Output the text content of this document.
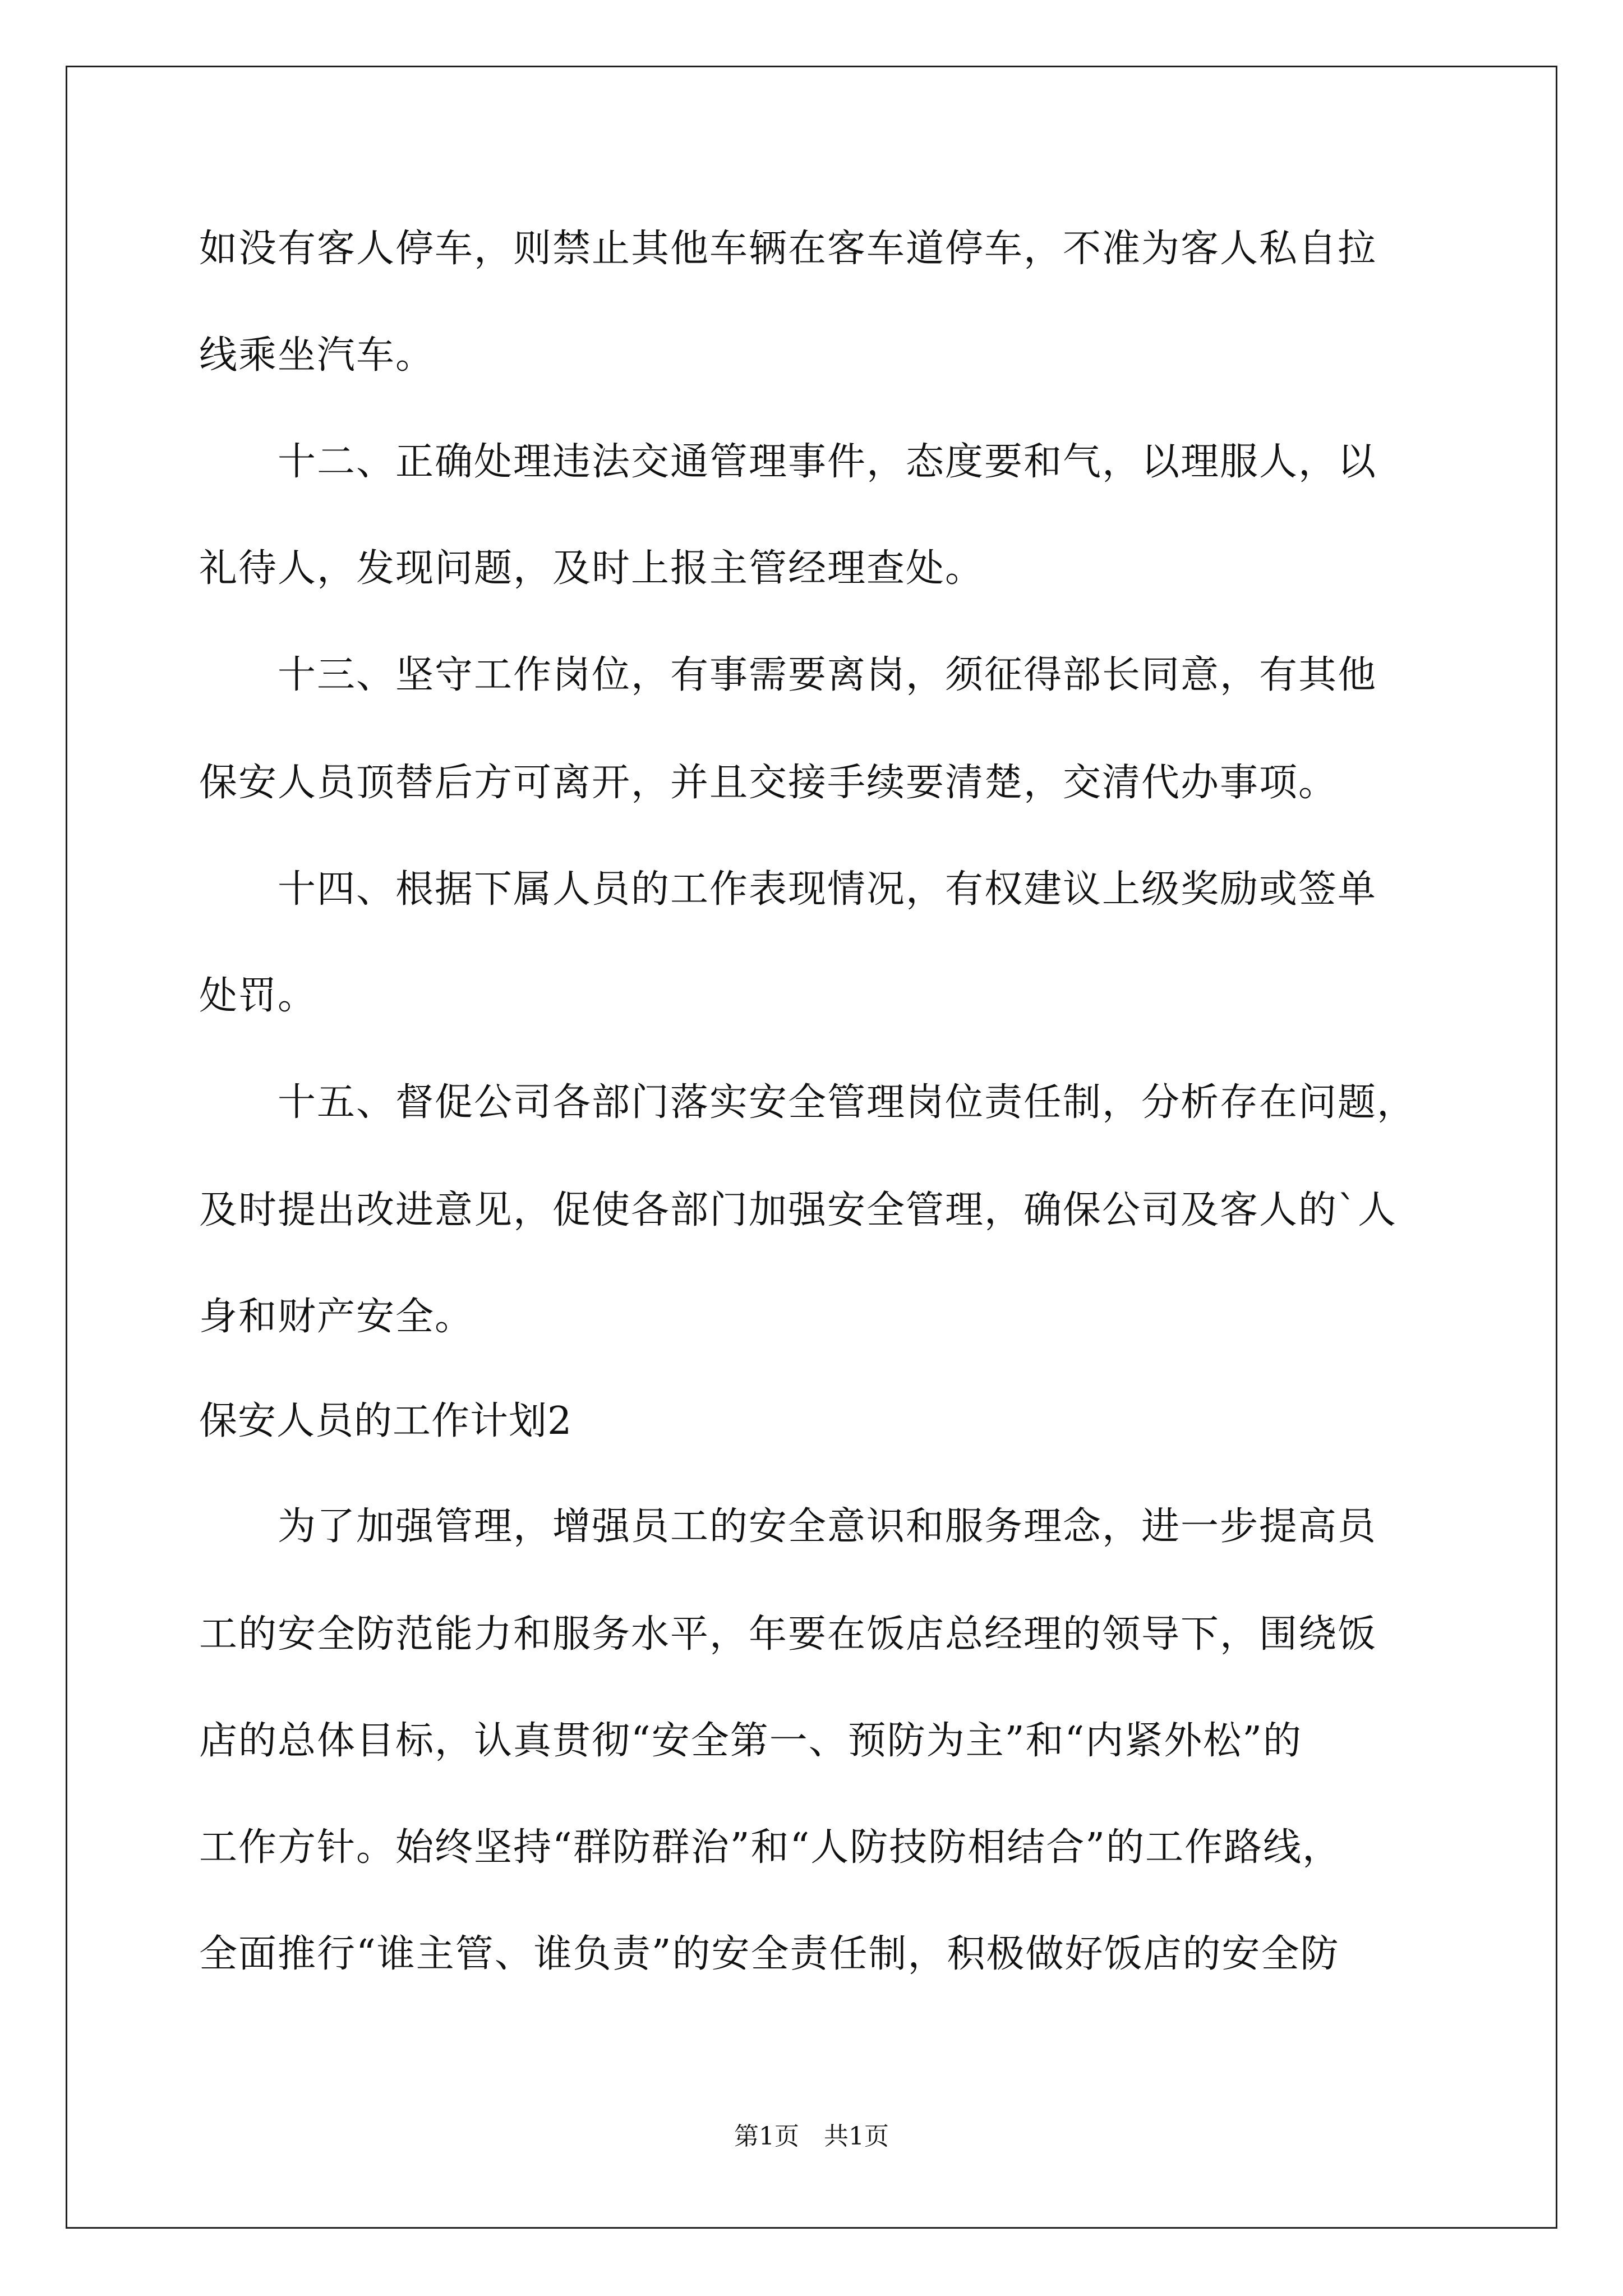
如没有客人停车，则禁止其他车辆在客车道停车，不准为客人私自拉
线乘坐汽车。
　　十二、正确处理违法交通管理事件，态度要和气，以理服人，以
礼待人，发现问题，及时上报主管经理查处。
　　十三、坚守工作岗位，有事需要离岗，须征得部长同意，有其他
保安人员顶替后方可离开，并且交接手续要清楚，交清代办事项。
　　十四、根据下属人员的工作表现情况，有权建议上级奖励或签单
处罚。
　　十五、督促公司各部门落实安全管理岗位责任制，分析存在问题，
及时提出改进意见，促使各部门加强安全管理，确保公司及客人的`人
身和财产安全。
保安人员的工作计划2
　　为了加强管理，增强员工的安全意识和服务理念，进一步提高员
工的安全防范能力和服务水平，年要在饭店总经理的领导下，围绕饭
店的总体目标，认真贯彻“安全第一、预防为主”和“内紧外松”的
工作方针。始终坚持“群防群治”和“人防技防相结合”的工作路线，
全面推行“谁主管、谁负责”的安全责任制，积极做好饭店的安全防
第1页　共1页
